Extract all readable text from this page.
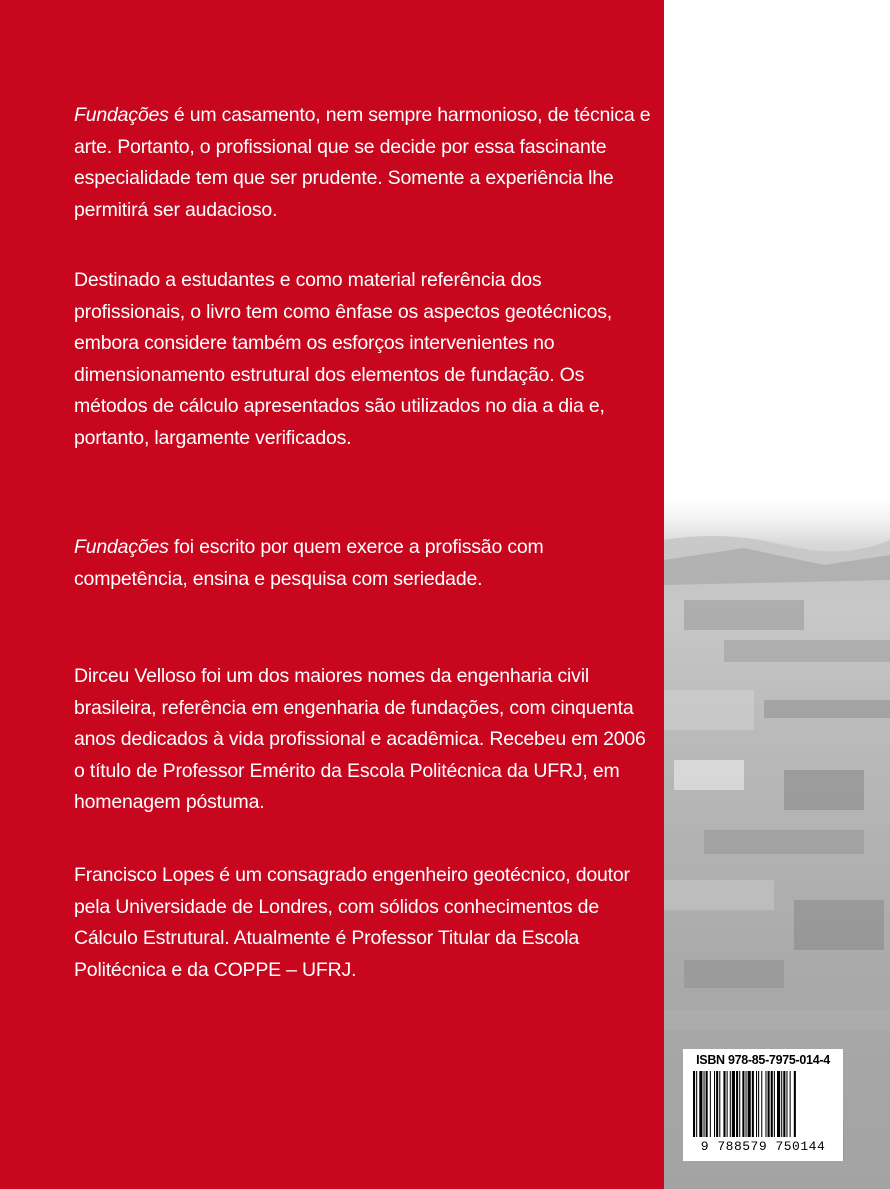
Fundações é um casamento, nem sempre harmonioso, de técnica e arte. Portanto, o profissional que se decide por essa fascinante especialidade tem que ser prudente. Somente a experiência lhe permitirá ser audacioso.

Destinado a estudantes e como material referência dos profissionais, o livro tem como ênfase os aspectos geotécnicos, embora considere também os esforços intervenientes no dimensionamento estrutural dos elementos de fundação. Os métodos de cálculo apresentados são utilizados no dia a dia e, portanto, largamente verificados.

Fundações foi escrito por quem exerce a profissão com competência, ensina e pesquisa com seriedade.

Dirceu Velloso foi um dos maiores nomes da engenharia civil brasileira, referência em engenharia de fundações, com cinquenta anos dedicados à vida profissional e acadêmica. Recebeu em 2006 o título de Professor Emérito da Escola Politécnica da UFRJ, em homenagem póstuma.

Francisco Lopes é um consagrado engenheiro geotécnico, doutor pela Universidade de Londres, com sólidos conhecimentos de Cálculo Estrutural. Atualmente é Professor Titular da Escola Politécnica e da COPPE – UFRJ.

ISBN 978-85-7975-014-4
9 788579 750144
